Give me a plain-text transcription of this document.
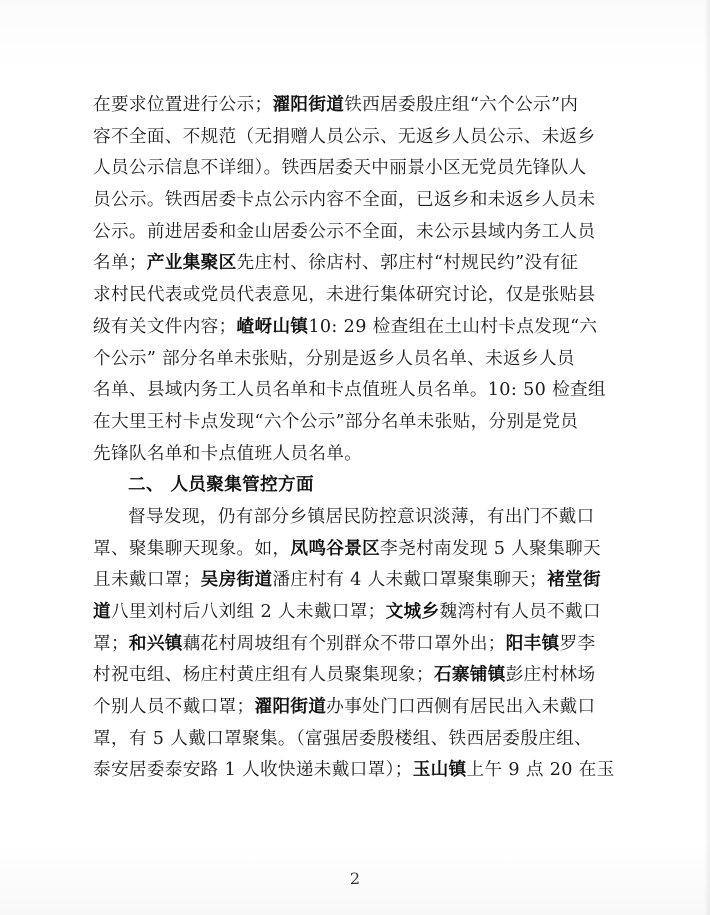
在要求位置进行公示；濯阳街道铁西居委殷庄组“六个公示”内
容不全面、不规范（无捐赠人员公示、无返乡人员公示、未返乡
人员公示信息不详细）。铁西居委天中丽景小区无党员先锋队人
员公示。铁西居委卡点公示内容不全面，已返乡和未返乡人员未
公示。前进居委和金山居委公示不全面，未公示县域内务工人员
名单；产业集聚区先庄村、徐店村、郭庄村“村规民约”没有征
求村民代表或党员代表意见，未进行集体研究讨论，仅是张贴县
级有关文件内容；嵖岈山镇10: 29 检查组在土山村卡点发现“六
个公示” 部分名单未张贴，分别是返乡人员名单、未返乡人员
名单、县域内务工人员名单和卡点值班人员名单。10: 50 检查组
在大里王村卡点发现“六个公示”部分名单未张贴，分别是党员
先锋队名单和卡点值班人员名单。
二、 人员聚集管控方面
督导发现，仍有部分乡镇居民防控意识淡薄，有出门不戴口
罩、聚集聊天现象。如，凤鸣谷景区李尧村南发现 5 人聚集聊天
且未戴口罩；吴房街道潘庄村有 4 人未戴口罩聚集聊天；褚堂街
道八里刘村后八刘组 2 人未戴口罩；文城乡魏湾村有人员不戴口
罩；和兴镇藕花村周坡组有个别群众不带口罩外出；阳丰镇罗李
村祝屯组、杨庄村黄庄组有人员聚集现象；石寨铺镇彭庄村林场
个别人员不戴口罩；濯阳街道办事处门口西侧有居民出入未戴口
罩，有 5 人戴口罩聚集。（富强居委殷楼组、铁西居委殷庄组、
泰安居委泰安路 1 人收快递未戴口罩）；玉山镇上午 9 点 20 在玉
2
